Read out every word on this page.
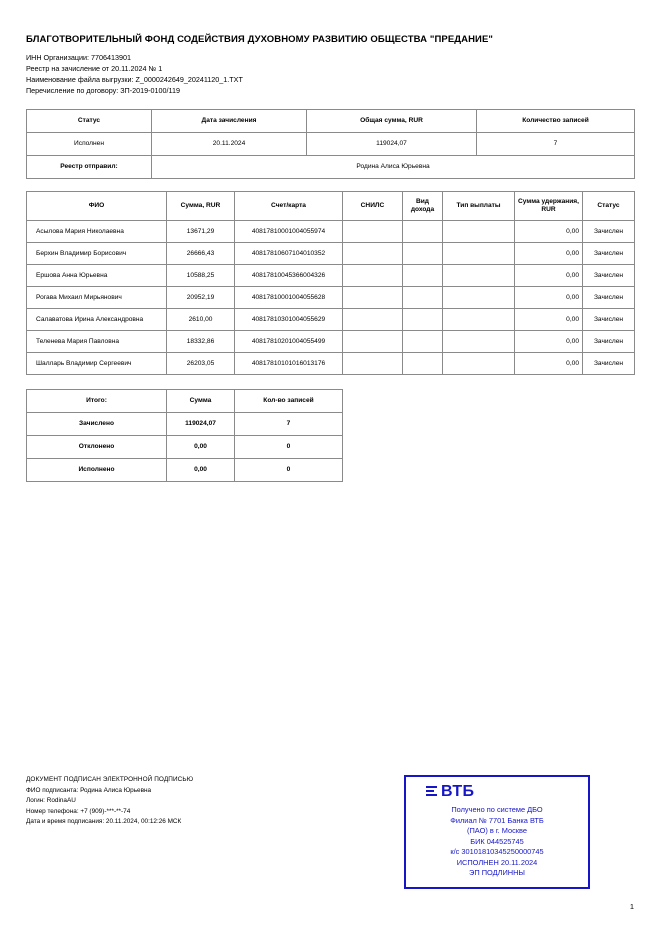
БЛАГОТВОРИТЕЛЬНЫЙ ФОНД СОДЕЙСТВИЯ ДУХОВНОМУ РАЗВИТИЮ ОБЩЕСТВА "ПРЕДАНИЕ"
ИНН Организации: 7706413901
Реестр на зачисление от 20.11.2024 № 1
Наименование файла выгрузки: Z_0000242649_20241120_1.TXT
Перечисление по договору: ЗП-2019-0100/119
Статус	Дата зачисления	Общая сумма, RUR	Количество записей
Исполнен	20.11.2024	119024,07	7
Реестр отправил:	Родина Алиса Юрьевна		
ФИО	Сумма, RUR	Счет/карта	СНИЛС	Вид дохода	Тип выплаты	Сумма удержания, RUR	Статус
Асылова Мария Николаевна	13671,29	40817810001004055974				0,00	Зачислен
Берхин Владимир Борисович	26666,43	40817810607104010352				0,00	Зачислен
Ершова Анна Юрьевна	10588,25	40817810045366004326				0,00	Зачислен
Рогава Михаил Мирьянович	20952,19	40817810001004055628				0,00	Зачислен
Салаватова Ирина Александровна	2610,00	40817810301004055629				0,00	Зачислен
Теленева Мария Павловна	18332,86	40817810201004055499				0,00	Зачислен
Шалларь Владимир Сергеевич	26203,05	40817810101016013176				0,00	Зачислен
Итого:	Сумма	Кол-во записей					
Зачислено	119024,07	7					
Отклонено	0,00	0					
Исполнено	0,00	0					
ДОКУМЕНТ ПОДПИСАН ЭЛЕКТРОННОЙ ПОДПИСЬЮ
ФИО подписанта: Родина Алиса Юрьевна
Логин: RodinaAU
Номер телефона: +7 (909)-***-**-74
Дата и время подписания: 20.11.2024, 00:12:26 МСК
ВТБ
Получено по системе ДБО
Филиал № 7701 Банка ВТБ
(ПАО) в г. Москве
БИК 044525745
к/с 30101810345250000745
ИСПОЛНЕН 20.11.2024
ЭП ПОДЛИННЫ
1
